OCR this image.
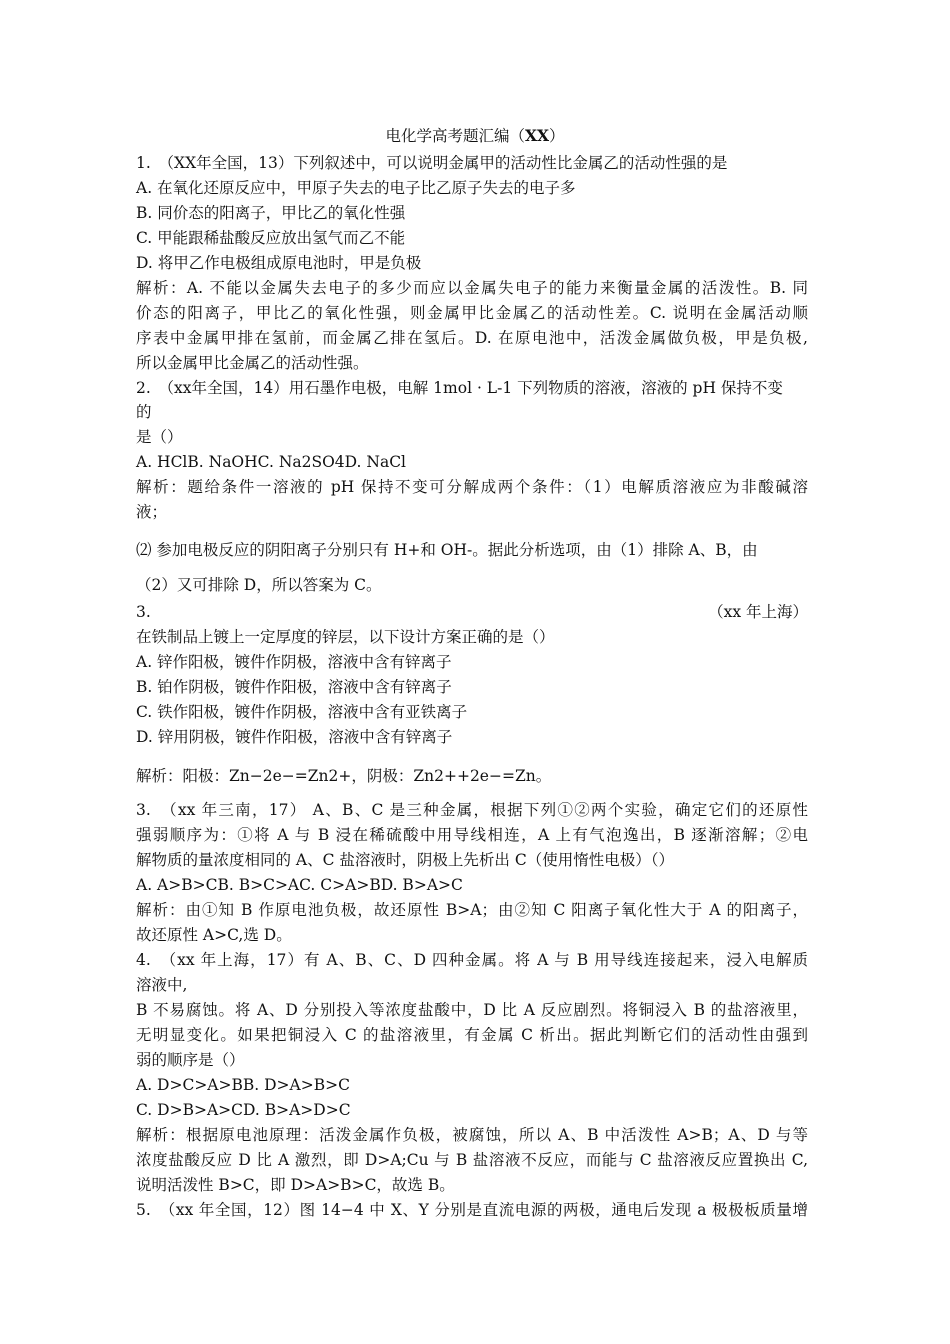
电化学高考题汇编（XX）
1.　（XX年全国，13）下列叙述中，可以说明金属甲的活动性比金属乙的活动性强的是
A. 在氧化还原反应中，甲原子失去的电子比乙原子失去的电子多
B. 同价态的阳离子，甲比乙的氧化性强
C. 甲能跟稀盐酸反应放出氢气而乙不能
D. 将甲乙作电极组成原电池时，甲是负极
解析：A. 不能以金属失去电子的多少而应以金属失电子的能力来衡量金属的活泼性。B. 同
价态的阳离子，甲比乙的氧化性强，则金属甲比金属乙的活动性差。C. 说明在金属活动顺
序表中金属甲排在氢前，而金属乙排在氢后。D. 在原电池中，活泼金属做负极，甲是负极,
所以金属甲比金属乙的活动性强。
2.　（xx年全国，14）用石墨作电极，电解 1mol · L-1 下列物质的溶液，溶液的 pH 保持不变
的
是（）
A. HClB. NaOHC. Na2SO4D. NaCl
解析：题给条件一溶液的 pH 保持不变可分解成两个条件：（1）电解质溶液应为非酸碱溶
液；
⑵ 参加电极反应的阴阳离子分别只有 H+和 OH-。据此分析选项，由（1）排除 A、B，由
（2）又可排除 D，所以答案为 C。
3.	（xx 年上海）
在铁制品上镀上一定厚度的锌层，以下设计方案正确的是（）
A. 锌作阳极，镀件作阴极，溶液中含有锌离子
B. 铂作阴极，镀件作阳极，溶液中含有锌离子
C. 铁作阳极，镀件作阴极，溶液中含有亚铁离子
D. 锌用阴极，镀件作阳极，溶液中含有锌离子
解析：阳极：Zn−2e−=Zn2+，阴极：Zn2++2e−=Zn。
3.　（xx 年三南，17） A、B、C 是三种金属，根据下列①②两个实验，确定它们的还原性
强弱顺序为：①将 A 与 B 浸在稀硫酸中用导线相连，A 上有气泡逸出，B 逐渐溶解；②电
解物质的量浓度相同的 A、C 盐溶液时，阴极上先析出 C（使用惰性电极）（）
A. A>B>CB. B>C>AC. C>A>BD. B>A>C
解析：由①知 B 作原电池负极，故还原性 B>A；由②知 C 阳离子氧化性大于 A 的阳离子，
故还原性 A>C,选 D。
4.　（xx 年上海，17）有 A、B、C、D 四种金属。将 A 与 B 用导线连接起来，浸入电解质
溶液中,
B 不易腐蚀。将 A、D 分别投入等浓度盐酸中，D 比 A 反应剧烈。将铜浸入 B 的盐溶液里，
无明显变化。如果把铜浸入 C 的盐溶液里，有金属 C 析出。据此判断它们的活动性由强到
弱的顺序是（）
A. D>C>A>BB. D>A>B>C
C. D>B>A>CD. B>A>D>C
解析：根据原电池原理：活泼金属作负极，被腐蚀，所以 A、B 中活泼性 A>B；A、D 与等
浓度盐酸反应 D 比 A 激烈，即 D>A;Cu 与 B 盐溶液不反应，而能与 C 盐溶液反应置换出 C,
说明活泼性 B>C，即 D>A>B>C，故选 B。
5.　（xx 年全国，12）图 14−4 中 X、Y 分别是直流电源的两极，通电后发现 a 极极板质量增
